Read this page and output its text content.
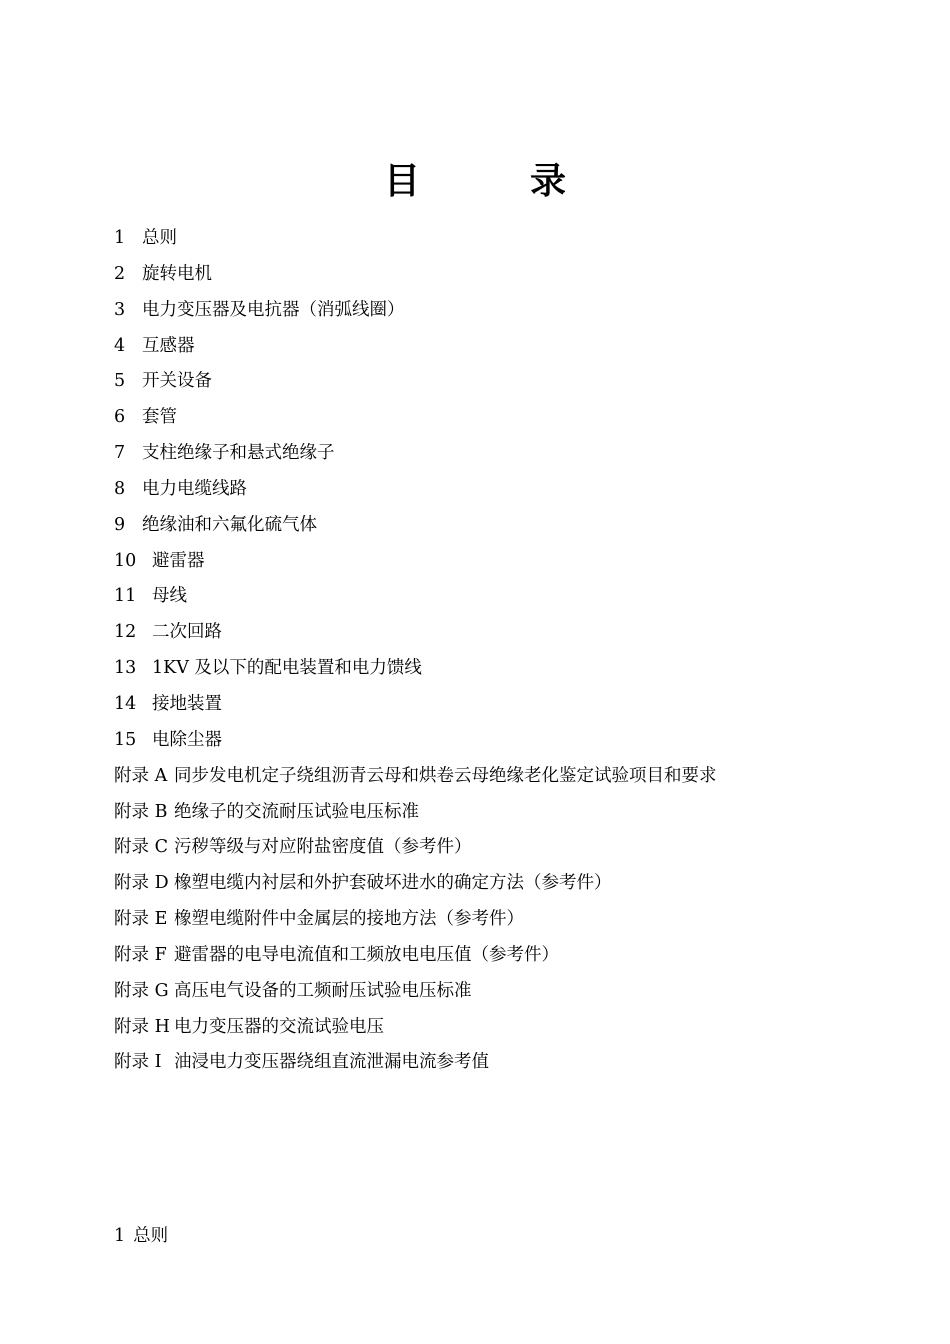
目	录
1 总则
2 旋转电机
3 电力变压器及电抗器（消弧线圈）
4 互感器
5 开关设备
6 套管
7 支柱绝缘子和悬式绝缘子
8 电力电缆线路
9 绝缘油和六氟化硫气体
10 避雷器
11 母线
12 二次回路
13 1KV 及以下的配电装置和电力馈线
14 接地装置
15 电除尘器
附录 A 同步发电机定子绕组沥青云母和烘卷云母绝缘老化鉴定试验项目和要求
附录 B 绝缘子的交流耐压试验电压标准
附录 C 污秽等级与对应附盐密度值（参考件）
附录 D 橡塑电缆内衬层和外护套破坏进水的确定方法（参考件）
附录 E 橡塑电缆附件中金属层的接地方法（参考件）
附录 F 避雷器的电导电流值和工频放电电压值（参考件）
附录 G 高压电气设备的工频耐压试验电压标准
附录 H 电力变压器的交流试验电压
附录 I 油浸电力变压器绕组直流泄漏电流参考值
1 总则
